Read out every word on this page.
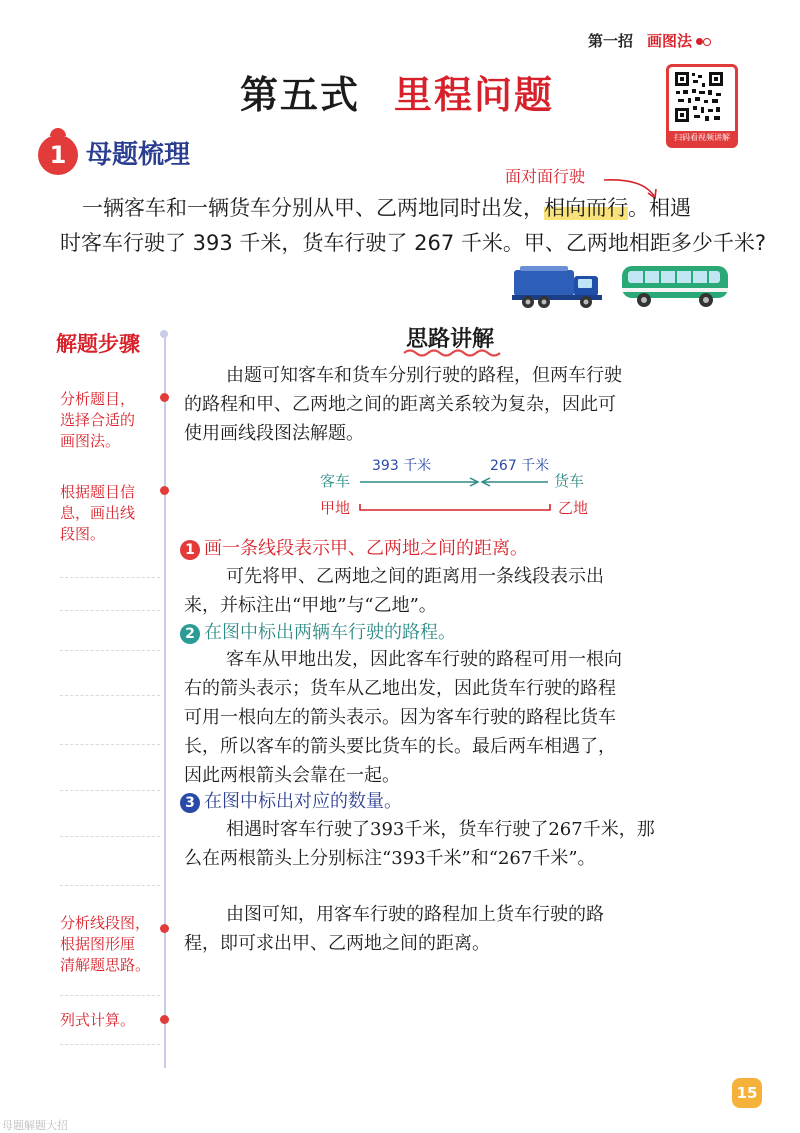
第一招 画图法
第五式 里程问题
扫码看视频讲解
1 母题梳理
面对面行驶
一辆客车和一辆货车分别从甲、乙两地同时出发，相向而行。相遇
时客车行驶了 393 千米，货车行驶了 267 千米。甲、乙两地相距多少千米?
解题步骤
分析题目，
选择合适的
画图法。
根据题目信
息，画出线
段图。
分析线段图，
根据图形厘
清解题思路。
列式计算。
思路讲解
由题可知客车和货车分别行驶的路程，但两车行驶
的路程和甲、乙两地之间的距离关系较为复杂，因此可
使用画线段图法解题。
393 千米	267 千米
客车	货车
甲地	乙地
1 画一条线段表示甲、乙两地之间的距离。
可先将甲、乙两地之间的距离用一条线段表示出
来，并标注出“甲地”与“乙地”。
2 在图中标出两辆车行驶的路程。
客车从甲地出发，因此客车行驶的路程可用一根向
右的箭头表示；货车从乙地出发，因此货车行驶的路程
可用一根向左的箭头表示。因为客车行驶的路程比货车
长，所以客车的箭头要比货车的长。最后两车相遇了，
因此两根箭头会靠在一起。
3 在图中标出对应的数量。
相遇时客车行驶了393千米，货车行驶了267千米，那
么在两根箭头上分别标注“393千米”和“267千米”。
由图可知，用客车行驶的路程加上货车行驶的路
程，即可求出甲、乙两地之间的距离。
15
母题解题大招
